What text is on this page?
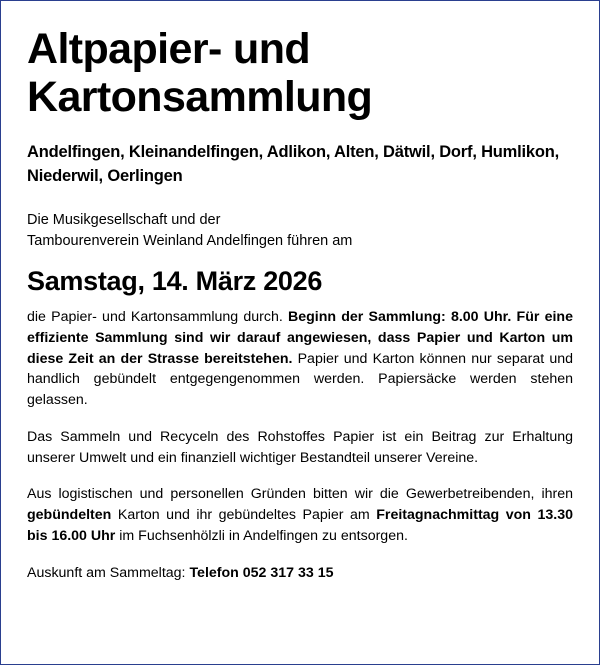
Altpapier- und
Kartonsammlung
Andelfingen, Kleinandelfingen, Adlikon, Alten, Dätwil, Dorf, Humlikon, Niederwil, Oerlingen
Die Musikgesellschaft und der
Tambourenverein Weinland Andelfingen führen am
Samstag, 14. März 2026

die Papier- und Kartonsammlung durch. Beginn der Sammlung: 8.00 Uhr. Für eine effiziente Sammlung sind wir darauf angewiesen, dass Papier und Karton um diese Zeit an der Strasse bereitstehen. Papier und Karton können nur separat und handlich gebündelt entgegengenommen werden. Papiersäcke werden stehen gelassen.

Das Sammeln und Recyceln des Rohstoffes Papier ist ein Beitrag zur Erhaltung unserer Umwelt und ein finanziell wichtiger Bestandteil unserer Vereine.

Aus logistischen und personellen Gründen bitten wir die Gewerbetreibenden, ihren gebündelten Karton und ihr gebündeltes Papier am Freitagnachmittag von 13.30 bis 16.00 Uhr im Fuchsenhölzli in Andelfingen zu entsorgen.

Auskunft am Sammeltag: Telefon 052 317 33 15
